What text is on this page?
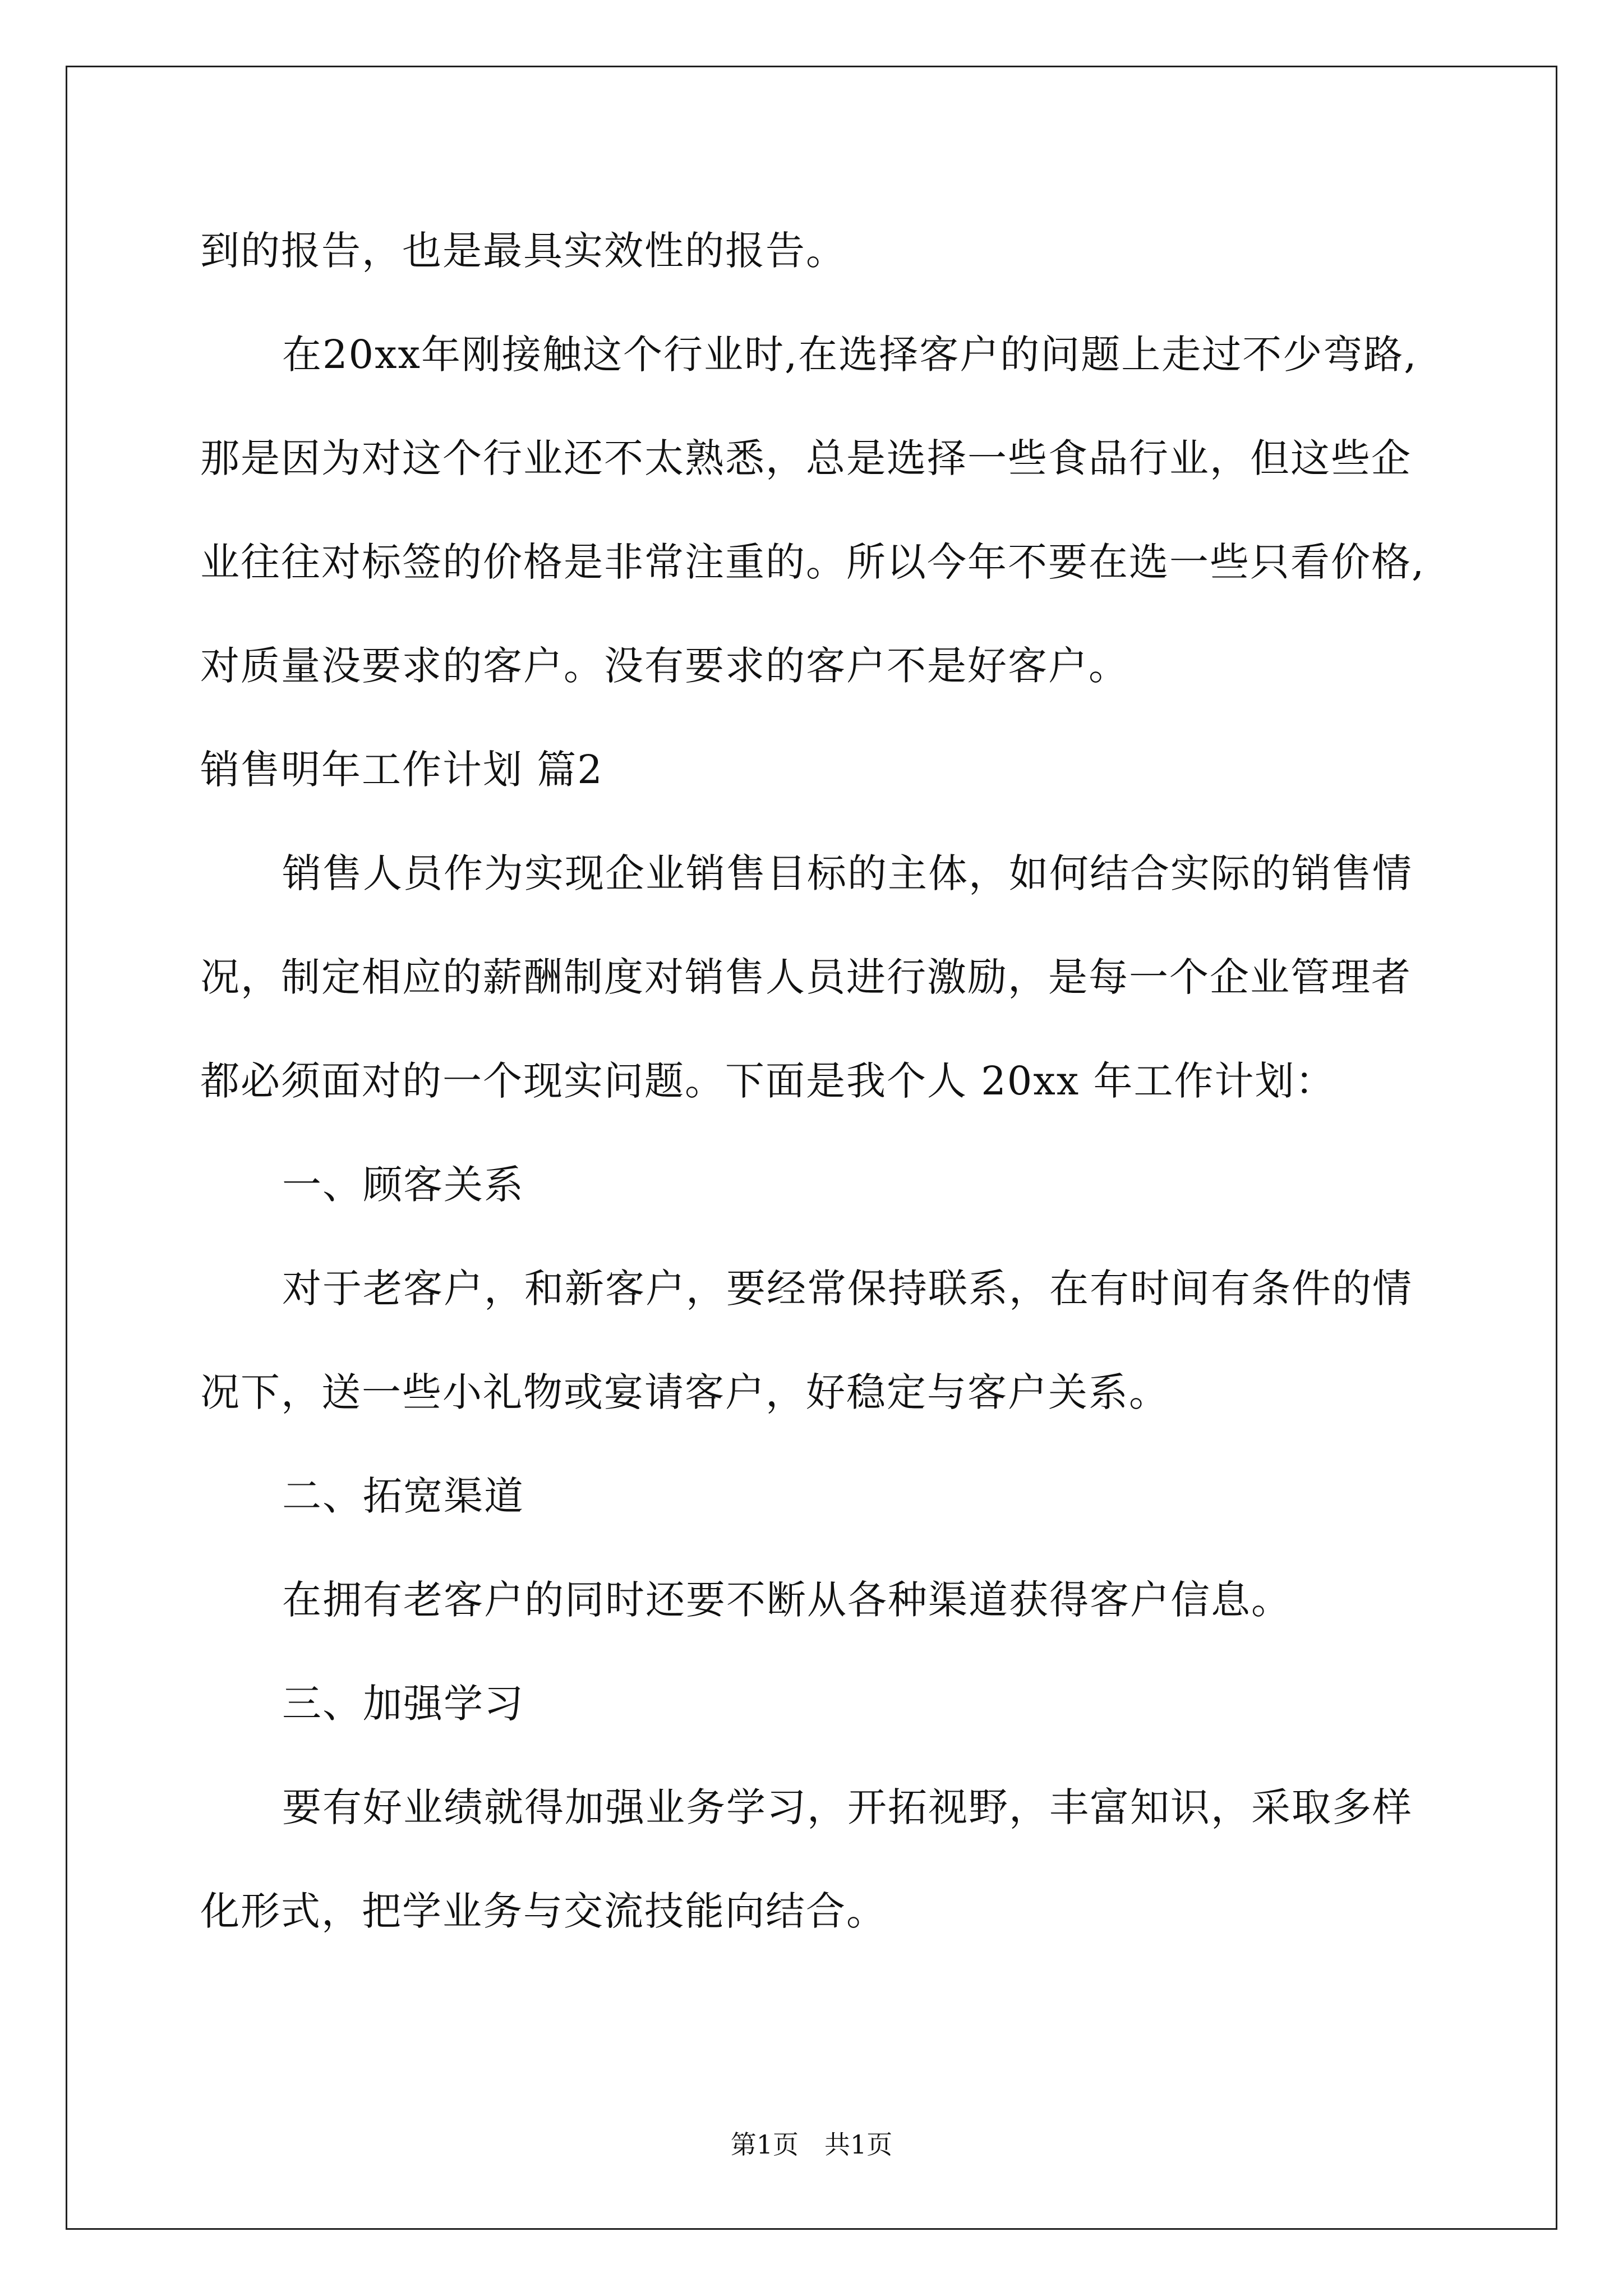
到的报告，也是最具实效性的报告。
在20xx年刚接触这个行业时,在选择客户的问题上走过不少弯路,
那是因为对这个行业还不太熟悉，总是选择一些食品行业，但这些企
业往往对标签的价格是非常注重的。所以今年不要在选一些只看价格,
对质量没要求的客户。没有要求的客户不是好客户。
销售明年工作计划 篇2
销售人员作为实现企业销售目标的主体，如何结合实际的销售情
况，制定相应的薪酬制度对销售人员进行激励，是每一个企业管理者
都必须面对的一个现实问题。下面是我个人 20xx 年工作计划：
一、顾客关系
对于老客户，和新客户，要经常保持联系，在有时间有条件的情
况下，送一些小礼物或宴请客户，好稳定与客户关系。
二、拓宽渠道
在拥有老客户的同时还要不断从各种渠道获得客户信息。
三、加强学习
要有好业绩就得加强业务学习，开拓视野，丰富知识，采取多样
化形式，把学业务与交流技能向结合。
第1页 共1页
